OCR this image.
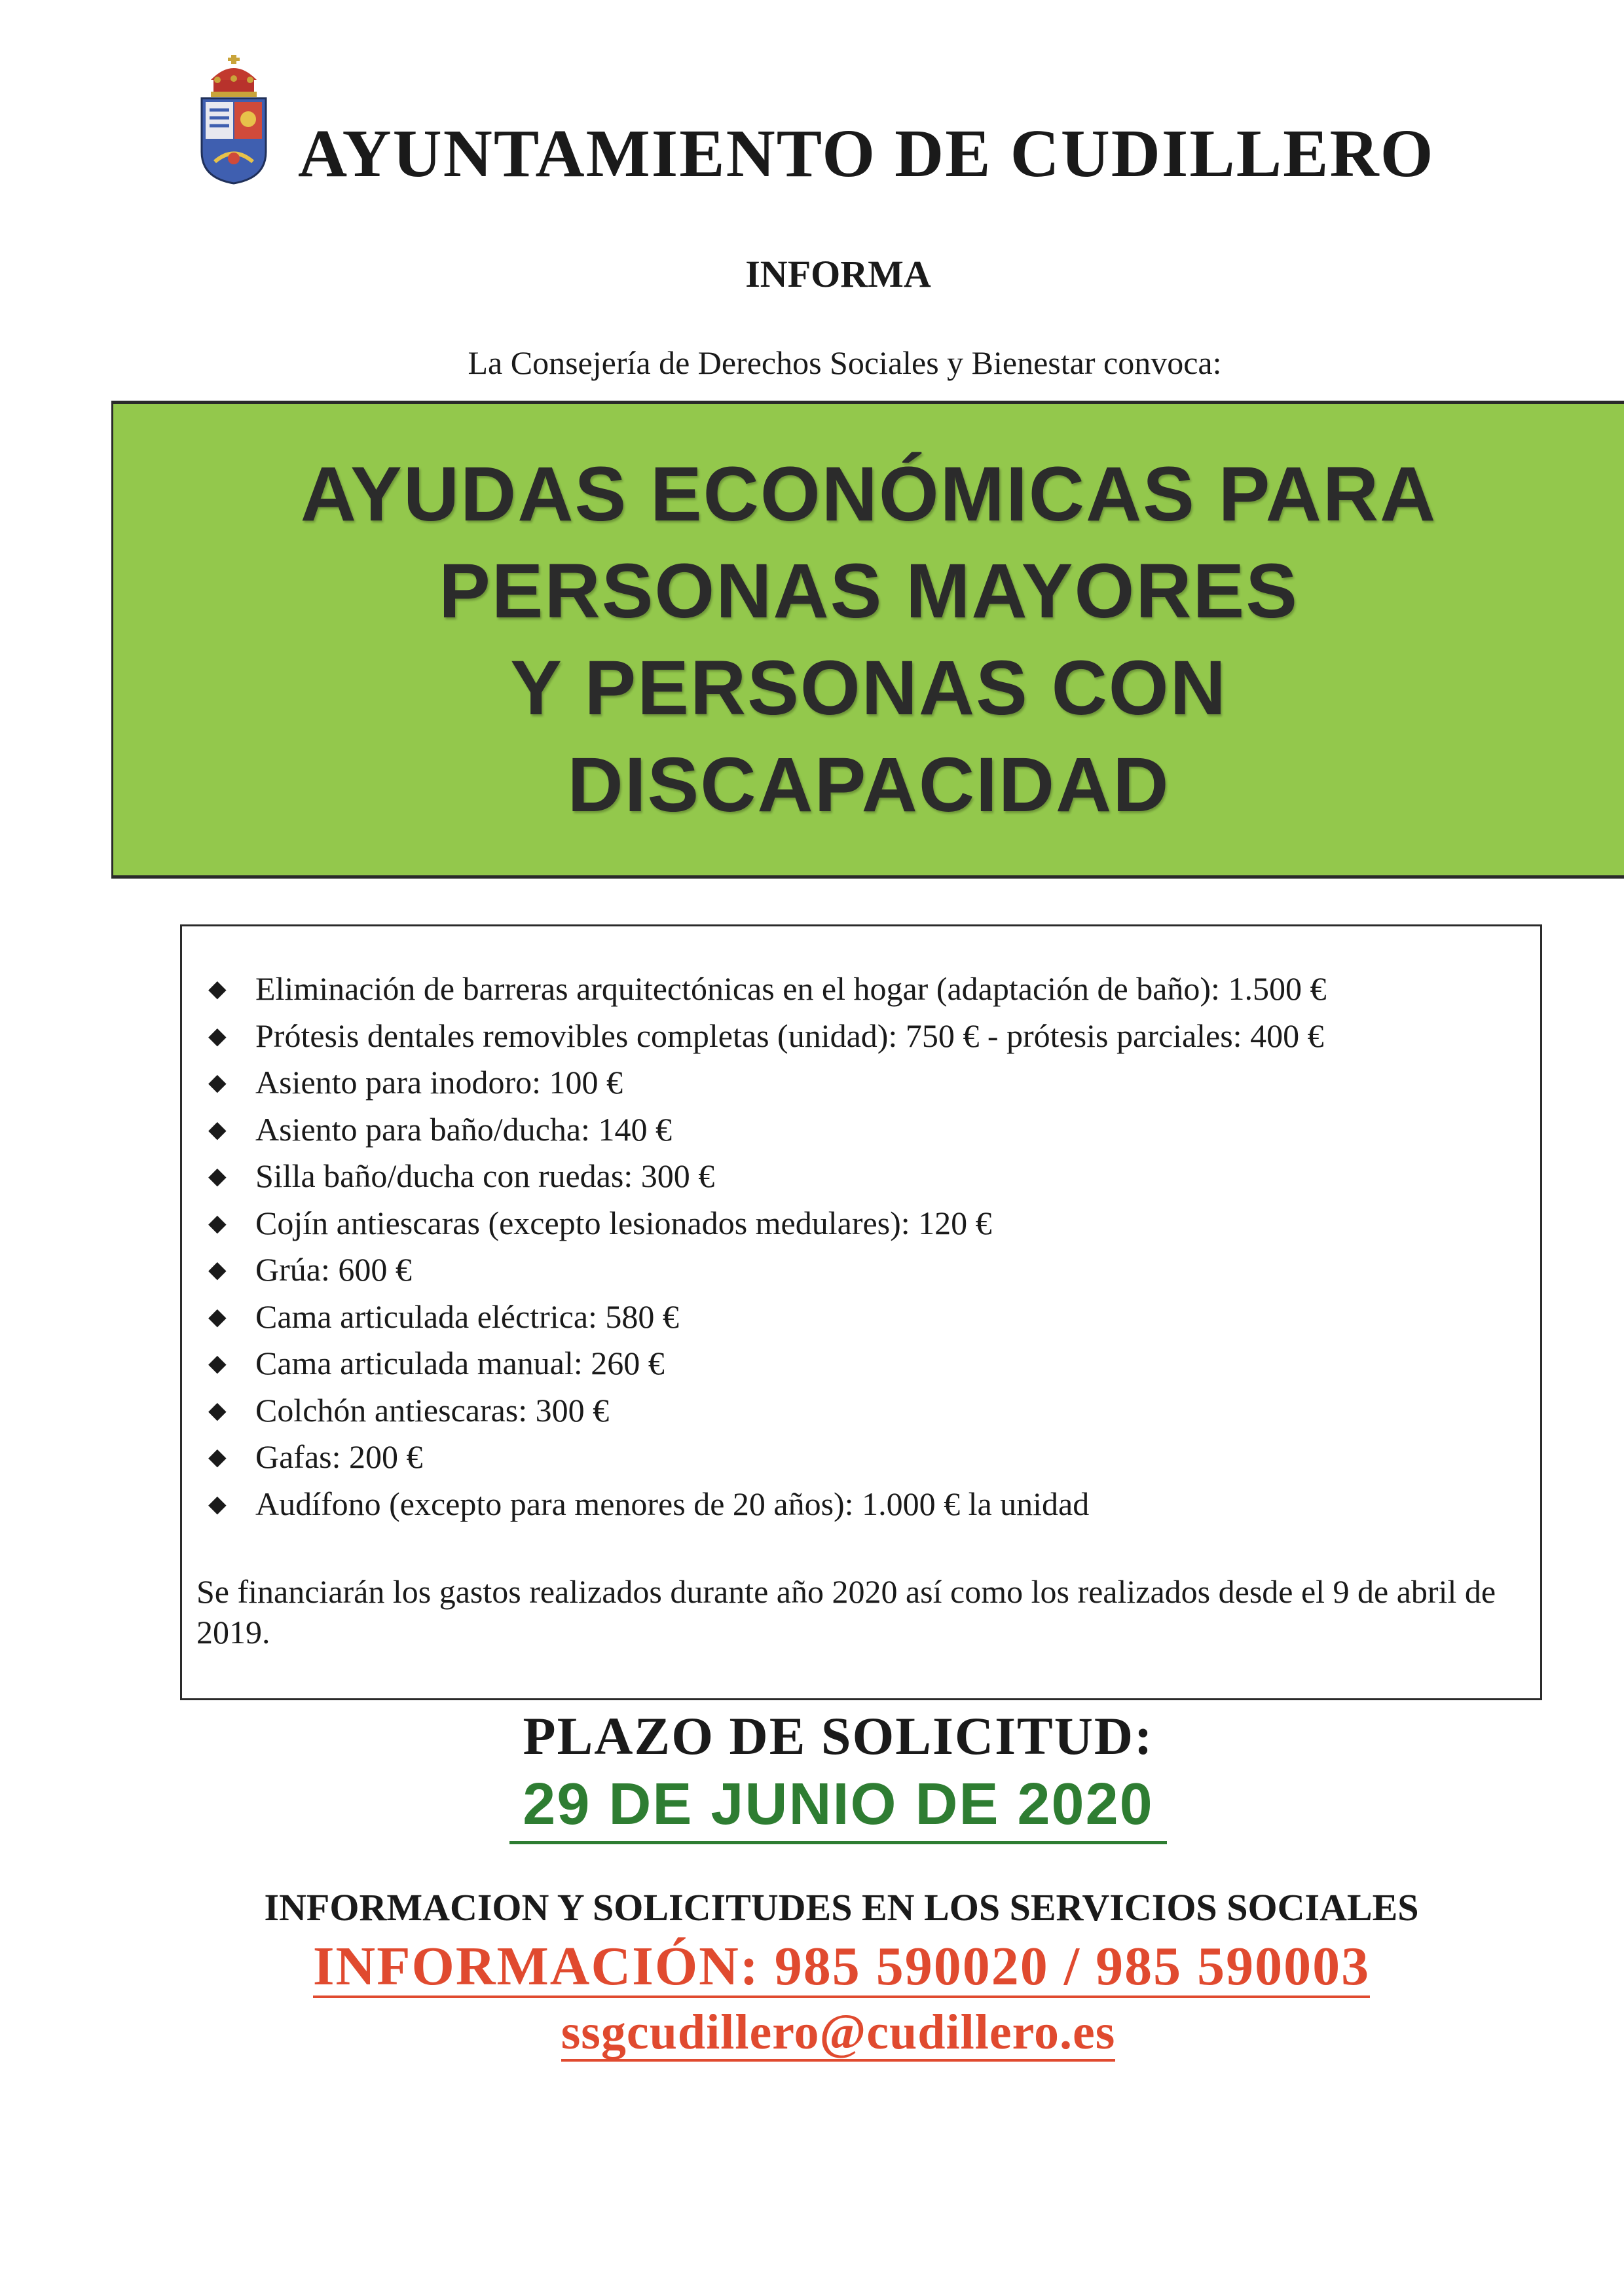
AYUNTAMIENTO DE CUDILLERO
INFORMA
La Consejería de Derechos Sociales y Bienestar convoca:
AYUDAS ECONÓMICAS PARA
PERSONAS MAYORES
Y PERSONAS CON
DISCAPACIDAD
◆ Eliminación de barreras arquitectónicas en el hogar (adaptación de baño): 1.500 €
◆ Prótesis dentales removibles completas (unidad): 750 € - prótesis parciales: 400 €
◆ Asiento para inodoro: 100 €
◆ Asiento para baño/ducha: 140 €
◆ Silla baño/ducha con ruedas: 300 €
◆ Cojín antiescaras (excepto lesionados medulares): 120 €
◆ Grúa: 600 €
◆ Cama articulada eléctrica: 580 €
◆ Cama articulada manual: 260 €
◆ Colchón antiescaras: 300 €
◆ Gafas: 200 €
◆ Audífono (excepto para menores de 20 años): 1.000 € la unidad
Se financiarán los gastos realizados durante año 2020 así como los realizados desde el 9 de abril de 2019.
PLAZO DE SOLICITUD:
29 DE JUNIO DE 2020
INFORMACION Y SOLICITUDES EN LOS SERVICIOS SOCIALES
INFORMACIÓN: 985 590020 / 985 590003
ssgcudillero@cudillero.es
